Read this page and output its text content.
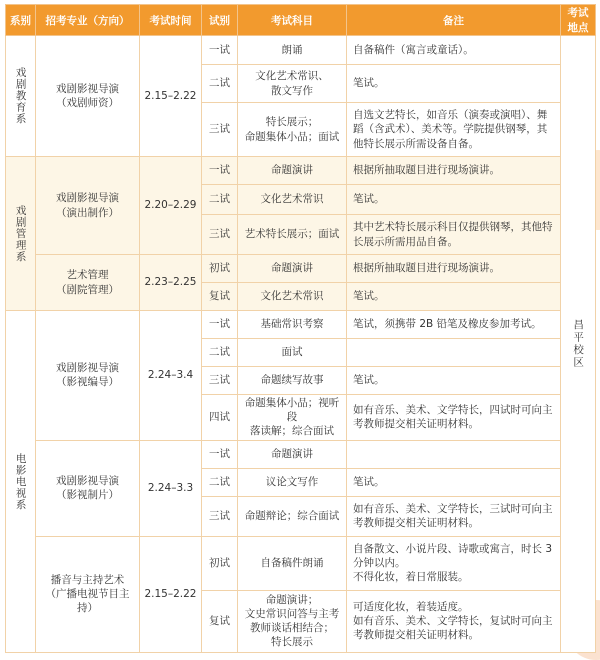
系别	招考专业（方向）	考试时间	试别	考试科目	备注	考试
地点
戏剧教育系	戏剧影视导演
（戏剧师资）	2.15–2.22	一试	朗诵	自备稿件（寓言或童话）。	昌平校区
			二试	文化艺术常识、
散文写作	笔试。	
			三试	特长展示；
命题集体小品；面试	自选文艺特长，如音乐（演奏或演唱）、舞蹈（含武术）、美术等。学院提供钢琴，其他特长展示所需设备自备。	
戏剧管理系	戏剧影视导演
（演出制作）	2.20–2.29	一试	命题演讲	根据所抽取题目进行现场演讲。	
			二试	文化艺术常识	笔试。	
			三试	艺术特长展示；面试	其中艺术特长展示科目仅提供钢琴，其他特长展示所需用品自备。	
	艺术管理
（剧院管理）	2.23–2.25	初试	命题演讲	根据所抽取题目进行现场演讲。	
			复试	文化艺术常识	笔试。	
电影电视系	戏剧影视导演
（影视编导）	2.24–3.4	一试	基础常识考察	笔试，须携带 2B 铅笔及橡皮参加考试。	
			二试	面试		
			三试	命题续写故事	笔试。	
			四试	命题集体小品；视听段
落读解；综合面试	如有音乐、美术、文学特长，四试时可向主考教师提交相关证明材料。	
	戏剧影视导演
（影视制片）	2.24–3.3	一试	命题演讲		
			二试	议论文写作	笔试。	
			三试	命题辩论；综合面试	如有音乐、美术、文学特长，三试时可向主考教师提交相关证明材料。	
	播音与主持艺术
（广播电视节目主持）	2.15–2.22	初试	自备稿件朗诵	自备散文、小说片段、诗歌或寓言，时长 3 分钟以内。
不得化妆，着日常服装。	
			复试	命题演讲；
文史常识问答与主考
教师谈话相结合；
特长展示	可适度化妆，着装适度。
如有音乐、美术、文学特长，复试时可向主考教师提交相关证明材料。	
